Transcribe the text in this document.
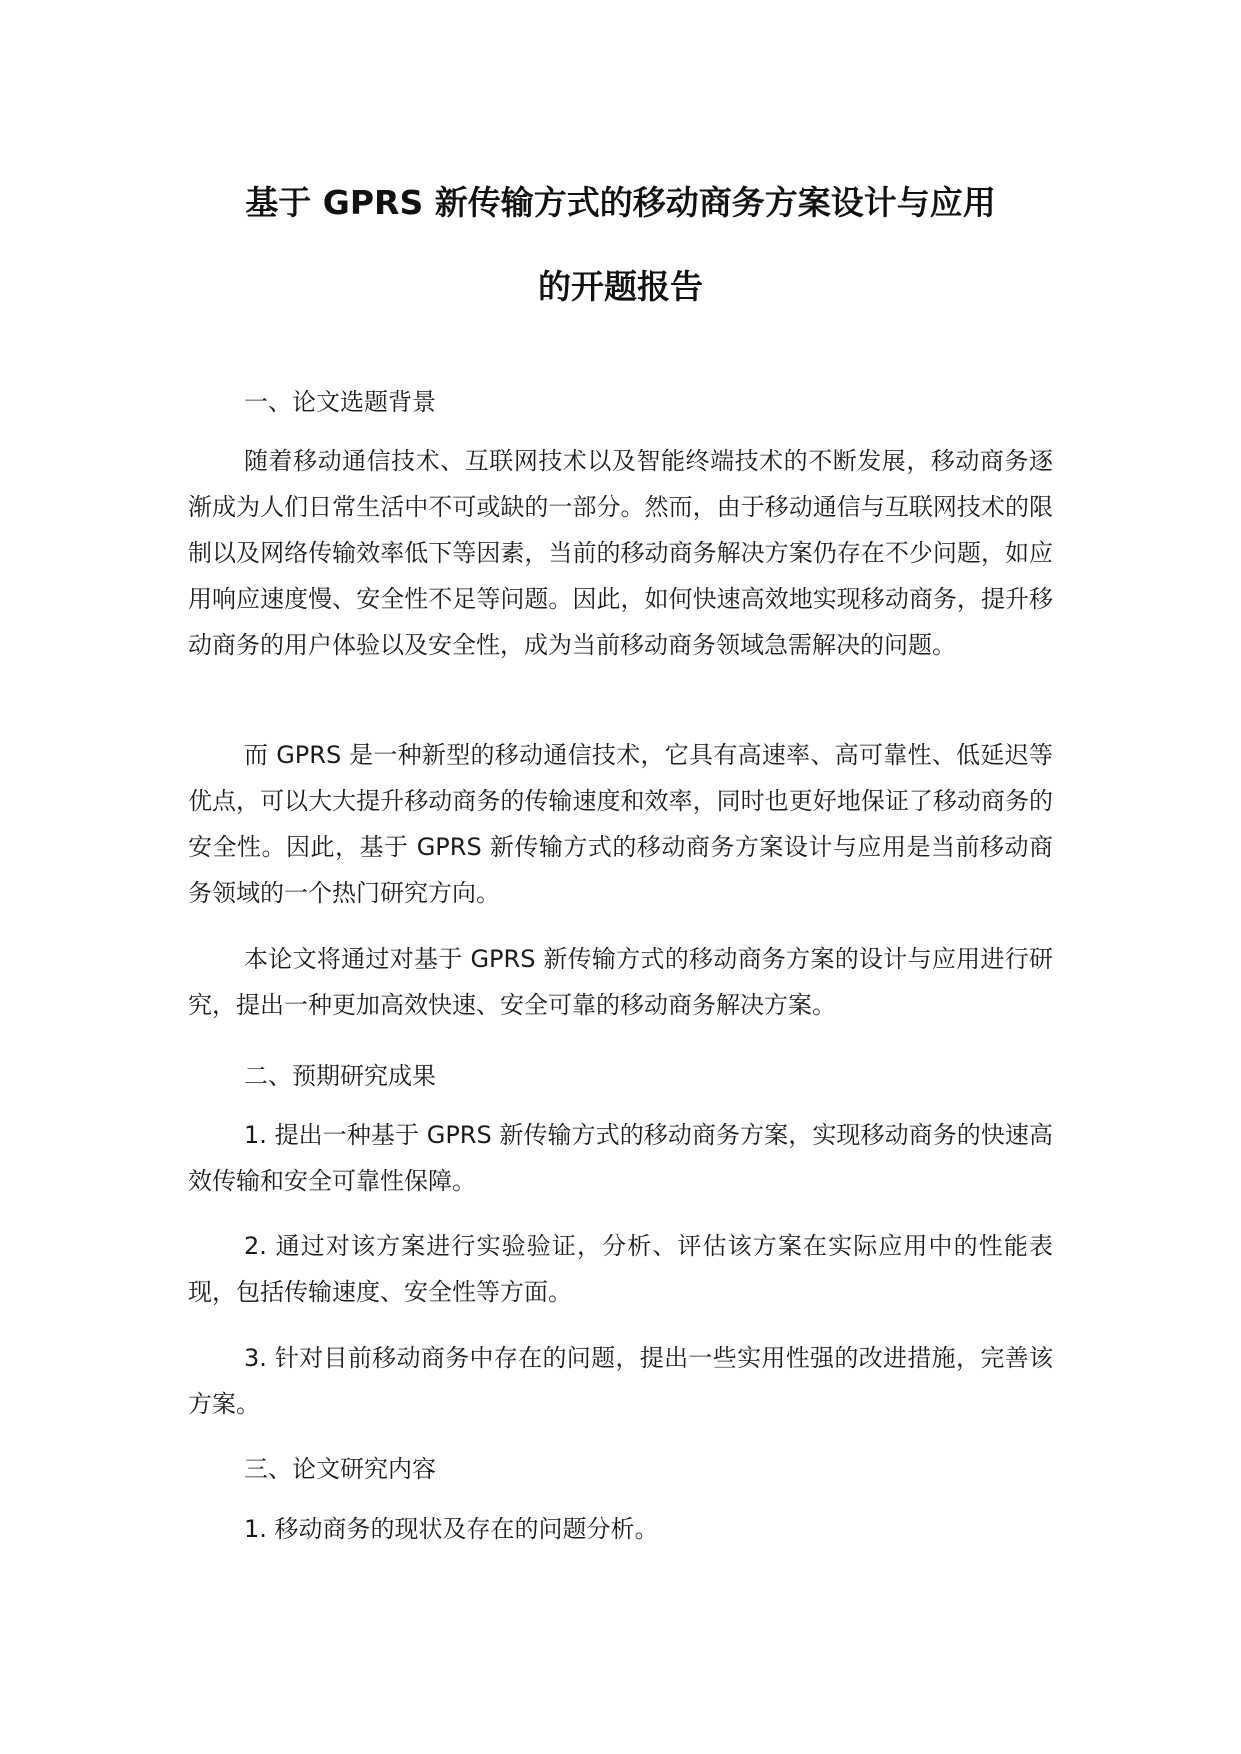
基于 GPRS 新传输方式的移动商务方案设计与应用
的开题报告

一、论文选题背景

随着移动通信技术、互联网技术以及智能终端技术的不断发展，移动商务逐渐成为人们日常生活中不可或缺的一部分。然而，由于移动通信与互联网技术的限制以及网络传输效率低下等因素，当前的移动商务解决方案仍存在不少问题，如应用响应速度慢、安全性不足等问题。因此，如何快速高效地实现移动商务，提升移动商务的用户体验以及安全性，成为当前移动商务领域急需解决的问题。

而 GPRS 是一种新型的移动通信技术，它具有高速率、高可靠性、低延迟等优点，可以大大提升移动商务的传输速度和效率，同时也更好地保证了移动商务的安全性。因此，基于 GPRS 新传输方式的移动商务方案设计与应用是当前移动商务领域的一个热门研究方向。

本论文将通过对基于 GPRS 新传输方式的移动商务方案的设计与应用进行研究，提出一种更加高效快速、安全可靠的移动商务解决方案。

二、预期研究成果

1. 提出一种基于 GPRS 新传输方式的移动商务方案，实现移动商务的快速高效传输和安全可靠性保障。

2. 通过对该方案进行实验验证，分析、评估该方案在实际应用中的性能表现，包括传输速度、安全性等方面。

3. 针对目前移动商务中存在的问题，提出一些实用性强的改进措施，完善该方案。

三、论文研究内容

1. 移动商务的现状及存在的问题分析。
